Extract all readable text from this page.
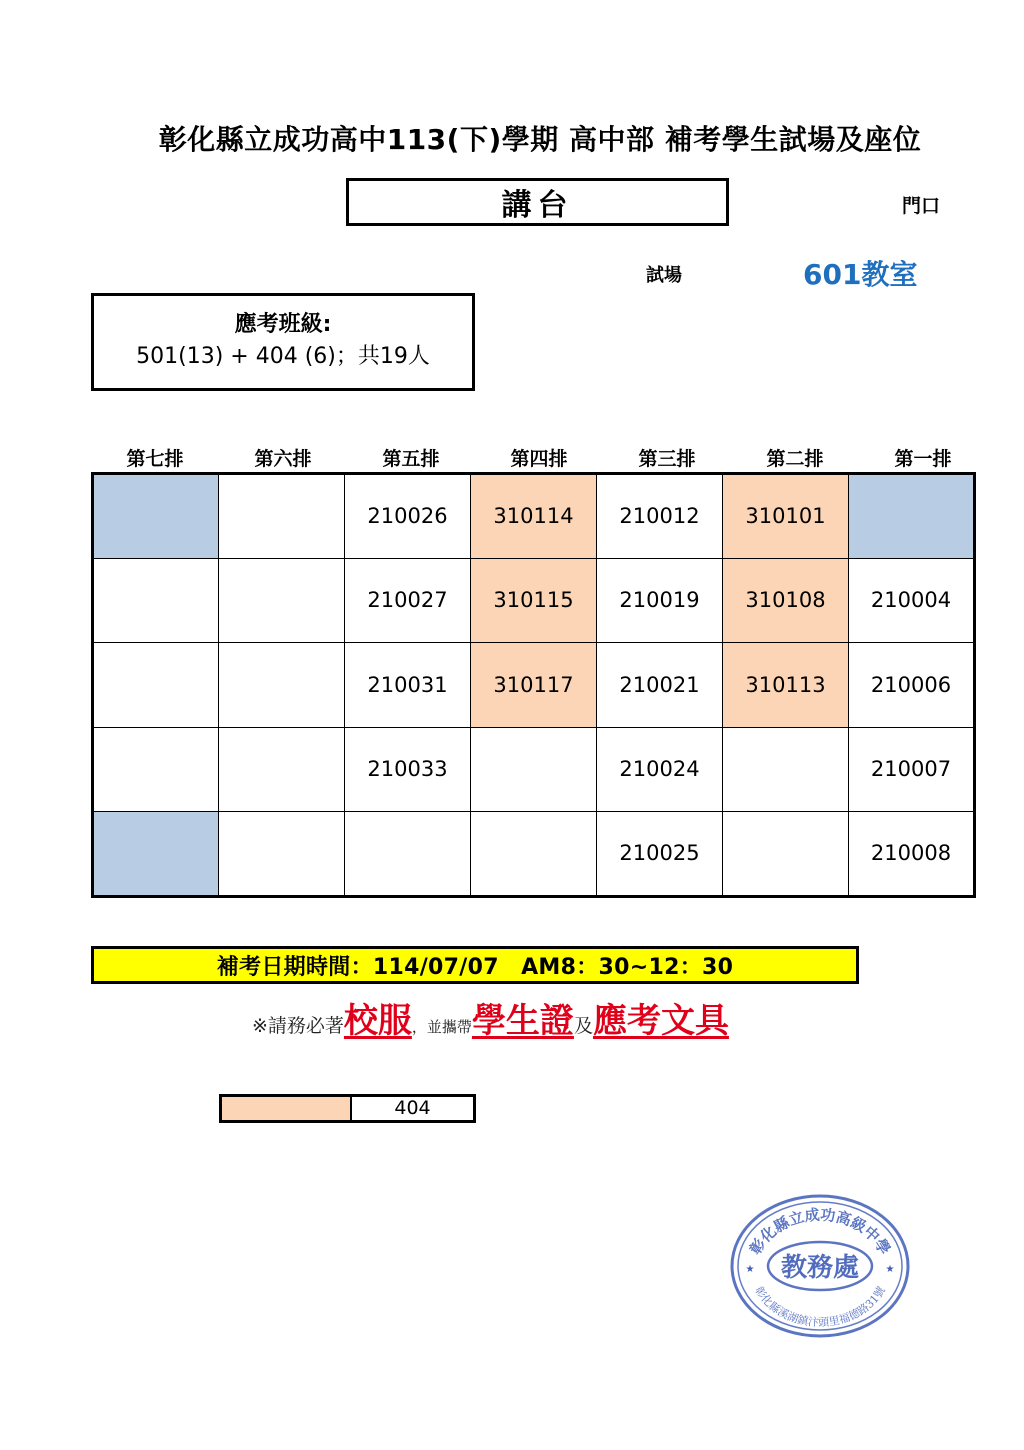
彰化縣立成功高中113(下)學期 高中部 補考學生試場及座位
講台	門口
試場	601教室
應考班級:
501(13) + 404 (6)；共19人
第七排	第六排	第五排	第四排	第三排	第二排	第一排
		210026	310114	210012	310101	
		210027	310115	210019	310108	210004
		210031	310117	210021	310113	210006
		210033		210024		210007
				210025		210008
補考日期時間：114/07/07　AM8：30~12：30
※請務必著校服，並攜帶學生證及應考文具
404
彰化縣立成功高級中學
彰化縣溪湖鎮汴頭里福德路31號
教務處
★	★
